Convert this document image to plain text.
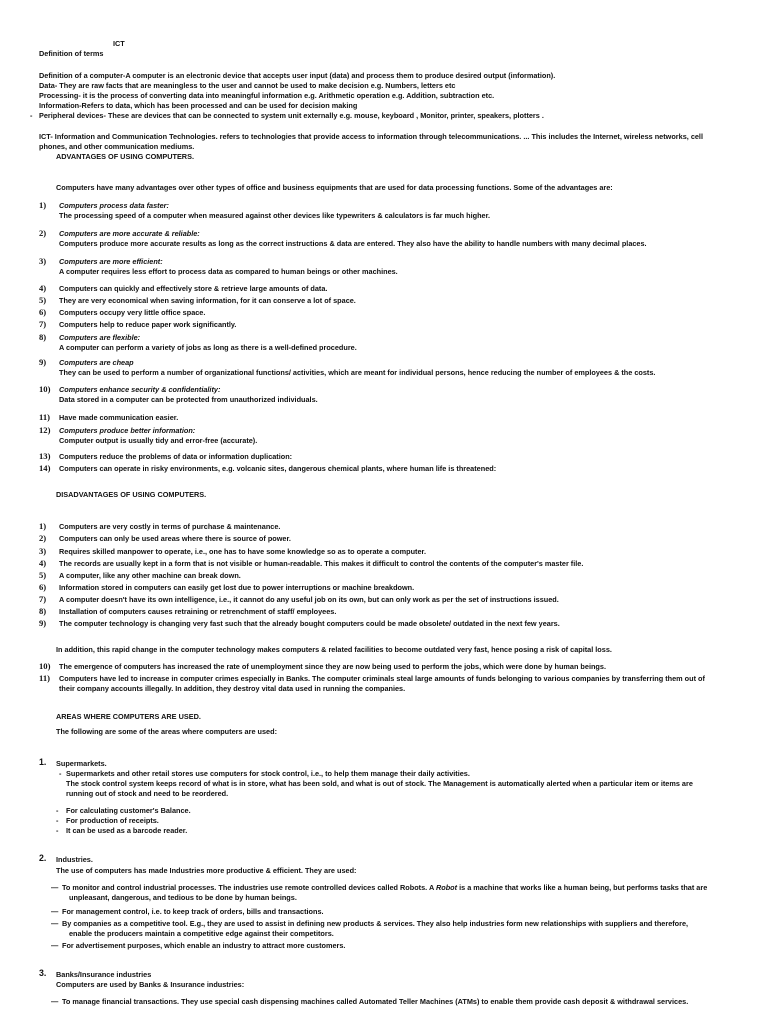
ICT
Definition of terms
Definition of a computer-A computer is an electronic device that accepts user input (data) and process them to produce desired output (information).
Data- They are raw facts that are meaningless to the user and cannot be used to make decision e.g. Numbers, letters etc
Processing- it is the process of converting data into meaningful information e.g. Arithmetic operation e.g. Addition, subtraction etc.
Information-Refers to data, which has been processed and can be used for decision making
- Peripheral devices- These are devices that can be connected to system unit externally e.g. mouse, keyboard , Monitor, printer, speakers, plotters .
ICT- Information and Communication Technologies. refers to technologies that provide access to information through telecommunications. ... This includes the Internet, wireless networks, cell
phones, and other communication mediums.
ADVANTAGES OF USING COMPUTERS.
Computers have many advantages over other types of office and business equipments that are used for data processing functions. Some of the advantages are:
1) Computers process data faster:
The processing speed of a computer when measured against other devices like typewriters & calculators is far much higher.
2) Computers are more accurate & reliable:
Computers produce more accurate results as long as the correct instructions & data are entered. They also have the ability to handle numbers with many decimal places.
3) Computers are more efficient:
A computer requires less effort to process data as compared to human beings or other machines.
4) Computers can quickly and effectively store & retrieve large amounts of data.
5) They are very economical when saving information, for it can conserve a lot of space.
6) Computers occupy very little office space.
7) Computers help to reduce paper work significantly.
8) Computers are flexible:
A computer can perform a variety of jobs as long as there is a well-defined procedure.
9) Computers are cheap
They can be used to perform a number of organizational functions/ activities, which are meant for individual persons, hence reducing the number of employees & the costs.
10) Computers enhance security & confidentiality:
Data stored in a computer can be protected from unauthorized individuals.
11) Have made communication easier.
12) Computers produce better information:
Computer output is usually tidy and error-free (accurate).
13) Computers reduce the problems of data or information duplication:
14) Computers can operate in risky environments, e.g. volcanic sites, dangerous chemical plants, where human life is threatened:
DISADVANTAGES OF USING COMPUTERS.
1) Computers are very costly in terms of purchase & maintenance.
2) Computers can only be used areas where there is source of power.
3) Requires skilled manpower to operate, i.e., one has to have some knowledge so as to operate a computer.
4) The records are usually kept in a form that is not visible or human-readable. This makes it difficult to control the contents of the computer's master file.
5) A computer, like any other machine can break down.
6) Information stored in computers can easily get lost due to power interruptions or machine breakdown.
7) A computer doesn't have its own intelligence, i.e., it cannot do any useful job on its own, but can only work as per the set of instructions issued.
8) Installation of computers causes retraining or retrenchment of staff/ employees.
9) The computer technology is changing very fast such that the already bought computers could be made obsolete/ outdated in the next few years.
In addition, this rapid change in the computer technology makes computers & related facilities to become outdated very fast, hence posing a risk of capital loss.
10) The emergence of computers has increased the rate of unemployment since they are now being used to perform the jobs, which were done by human beings.
11) Computers have led to increase in computer crimes especially in Banks. The computer criminals steal large amounts of funds belonging to various companies by transferring them out of
their company accounts illegally. In addition, they destroy vital data used in running the companies.
AREAS WHERE COMPUTERS ARE USED.
The following are some of the areas where computers are used:
1. Supermarkets.
- Supermarkets and other retail stores use computers for stock control, i.e., to help them manage their daily activities.
The stock control system keeps record of what is in store, what has been sold, and what is out of stock. The Management is automatically alerted when a particular item or items are
running out of stock and need to be reordered.
- For calculating customer's Balance.
- For production of receipts.
- It can be used as a barcode reader.
2. Industries.
The use of computers has made Industries more productive & efficient. They are used:
— To monitor and control industrial processes. The industries use remote controlled devices called Robots. A Robot is a machine that works like a human being, but performs tasks that are
unpleasant, dangerous, and tedious to be done by human beings.
— For management control, i.e. to keep track of orders, bills and transactions.
— By companies as a competitive tool. E.g., they are used to assist in defining new products & services. They also help industries form new relationships with suppliers and therefore,
enable the producers maintain a competitive edge against their competitors.
— For advertisement purposes, which enable an industry to attract more customers.
3. Banks/Insurance industries
Computers are used by Banks & Insurance industries:
— To manage financial transactions. They use special cash dispensing machines called Automated Teller Machines (ATMs) to enable them provide cash deposit & withdrawal services.
